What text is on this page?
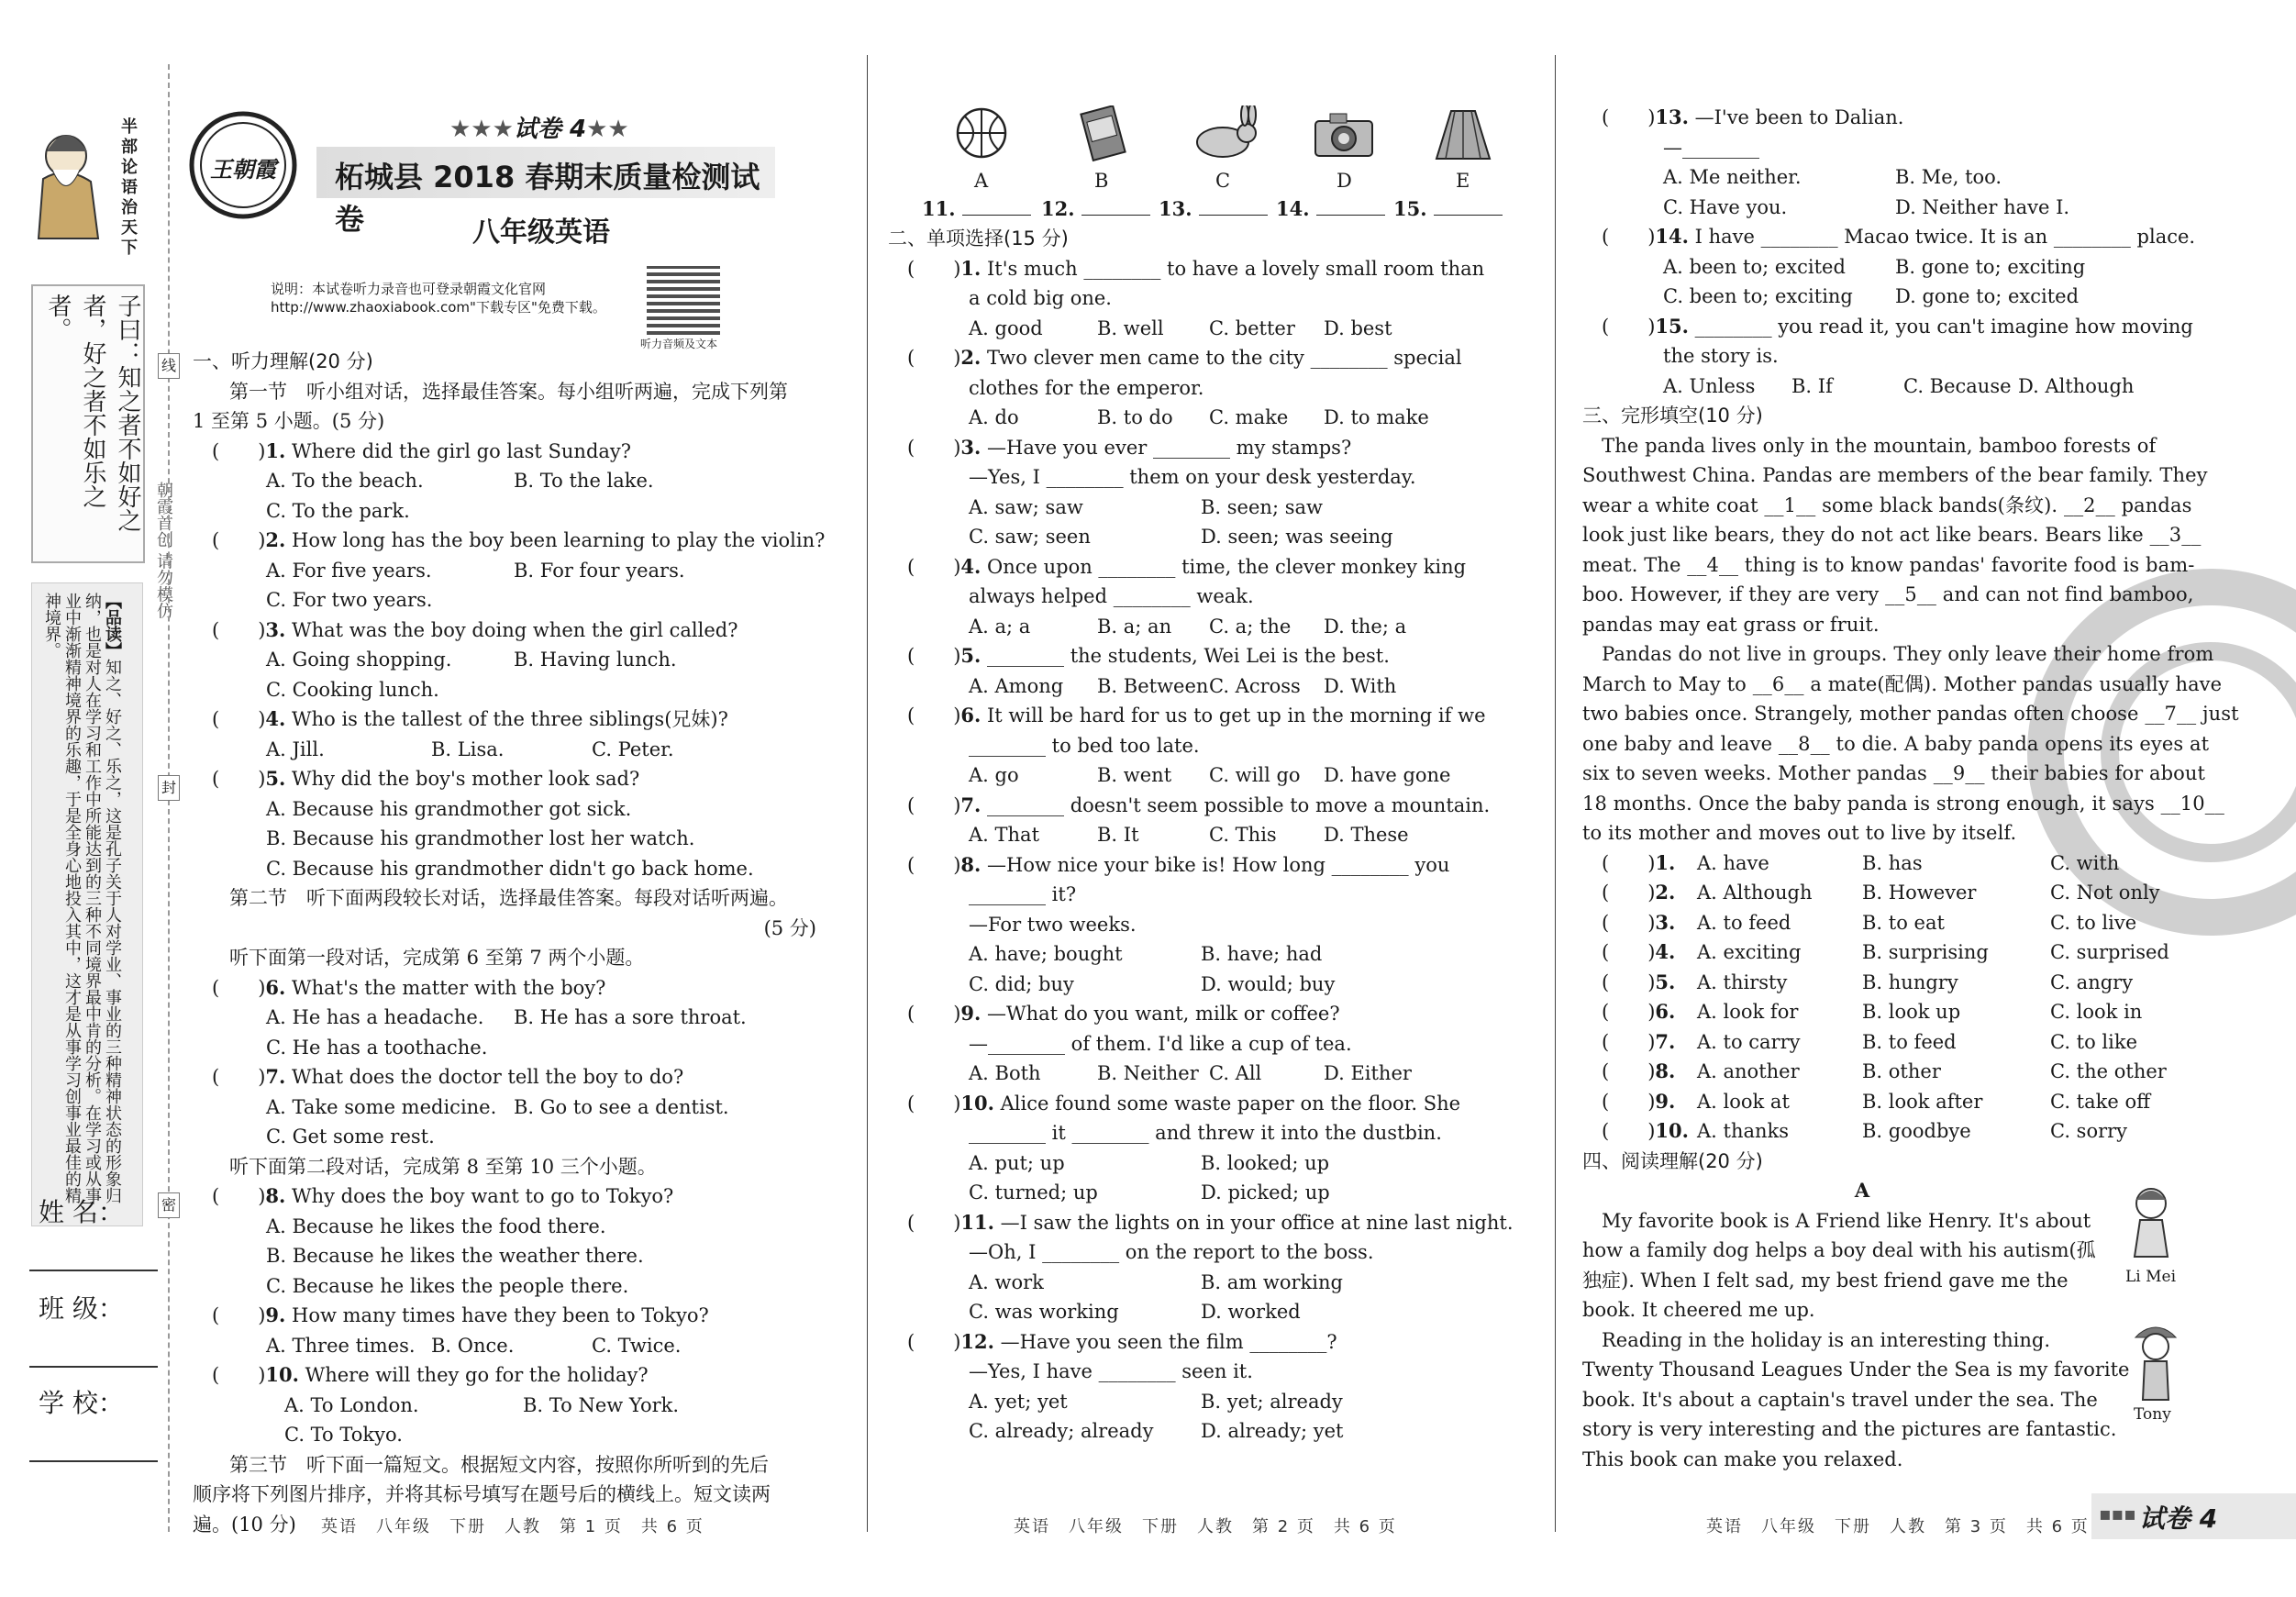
半部论语治天下
子曰：知之者不如好之者，好之者不如乐之者。
【品读】知之、好之、乐之，这是孔子关于人对学业、事业的三种精神状态的形象归纳，也是对人在学习和工作中所能达到的三种不同境界最中肯的分析。在学习或从事业中渐渐精神境界的乐趣，于是全身心地投入其中，这才是从事学习创事业最佳的精神境界。
朝霞首创 请勿模仿
线
封
密
姓 名：
班 级：
学 校：
王朝霞
★★★试卷 4★★
柘城县 2018 春期末质量检测试卷	八年级英语
说明：本试卷听力录音也可登录朝霞文化官网 http://www.zhaoxiabook.com"下载专区"免费下载。
听力音频及文本

一、听力理解(20 分)

第一节　听小组对话，选择最佳答案。每小组听两遍，完成下列第

1 至第 5 小题。(5 分)

　(　　)1. Where did the girl go last Sunday?

A. To the beach.	B. To the lake.

C. To the park.

　(　　)2. How long has the boy been learning to play the violin?

A. For five years.	B. For four years.

C. For two years.

　(　　)3. What was the boy doing when the girl called?

A. Going shopping.	B. Having lunch.

C. Cooking lunch.

　(　　)4. Who is the tallest of the three siblings(兄妹)?

A. Jill.	B. Lisa.	C. Peter.

　(　　)5. Why did the boy's mother look sad?

A. Because his grandmother got sick.

B. Because his grandmother lost her watch.

C. Because his grandmother didn't go back home.

第二节　听下面两段较长对话，选择最佳答案。每段对话听两遍。

(5 分)

听下面第一段对话，完成第 6 至第 7 两个小题。

　(　　)6. What's the matter with the boy?

A. He has a headache.	B. He has a sore throat.

C. He has a toothache.

　(　　)7. What does the doctor tell the boy to do?

A. Take some medicine. B. Go to see a dentist.

C. Get some rest.

听下面第二段对话，完成第 8 至第 10 三个小题。

　(　　)8. Why does the boy want to go to Tokyo?

A. Because he likes the food there.

B. Because he likes the weather there.

C. Because he likes the people there.

　(　　)9. How many times have they been to Tokyo?

A. Three times. B. Once.	C. Twice.

　(　　)10. Where will they go for the holiday?

A. To London.	B. To New York.

C. To Tokyo.

第三节　听下面一篇短文。根据短文内容，按照你所听到的先后

顺序将下列图片排序，并将其标号填写在题号后的横线上。短文读两

遍。(10 分)	英语　八年级　下册　人教　第 1 页　共 6 页
A	B	C	D	E
11.	12.	13.	14.	15.

二、单项选择(15 分)

　(　　)1. It's much ________ to have a lovely small room than

a cold big one.

A. good	B. well	C. better	D. best

　(　　)2. Two clever men came to the city ________ special

clothes for the emperor.

A. do	B. to do	C. make	D. to make

　(　　)3. —Have you ever ________ my stamps?

—Yes, I ________ them on your desk yesterday.

A. saw; saw	B. seen; saw

C. saw; seen	D. seen; was seeing

　(　　)4. Once upon ________ time, the clever monkey king

always helped ________ weak.

A. a; a	B. a; an	C. a; the	D. the; a

　(　　)5. ________ the students, Wei Lei is the best.

A. Among	B. Between C. Across	D. With

　(　　)6. It will be hard for us to get up in the morning if we

________ to bed too late.

A. go	B. went	C. will go	D. have gone

　(　　)7. ________ doesn't seem possible to move a mountain.

A. That	B. It	C. This	D. These

　(　　)8. —How nice your bike is! How long ________ you

________ it?

—For two weeks.

A. have; bought	B. have; had

C. did; buy	D. would; buy

　(　　)9. —What do you want, milk or coffee?

—________ of them. I'd like a cup of tea.

A. Both	B. Neither C. All	D. Either

　(　　)10. Alice found some waste paper on the floor. She

________ it ________ and threw it into the dustbin.

A. put; up	B. looked; up

C. turned; up	D. picked; up

　(　　)11. —I saw the lights on in your office at nine last night.

—Oh, I ________ on the report to the boss.

A. work	B. am working

C. was working	D. worked

　(　　)12. —Have you seen the film ________?

—Yes, I have ________ seen it.

A. yet; yet	B. yet; already

C. already; already	D. already; yet

英语　八年级　下册　人教　第 2 页　共 6 页

　(　　)13. —I've been to Dalian.

—________

A. Me neither.	B. Me, too.

C. Have you.	D. Neither have I.

　(　　)14. I have ________ Macao twice. It is an ________ place.

A. been to; excited	B. gone to; exciting

C. been to; exciting	D. gone to; excited

　(　　)15. ________ you read it, you can't imagine how moving

the story is.

A. Unless	B. If	C. Because D. Although

三、完形填空(10 分)

　The panda lives only in the mountain, bamboo forests of

Southwest China. Pandas are members of the bear family. They

wear a white coat __1__ some black bands(条纹). __2__ pandas

look just like bears, they do not act like bears. Bears like __3__

meat. The __4__ thing is to know pandas' favorite food is bam-

boo. However, if they are very __5__ and can not find bamboo,

pandas may eat grass or fruit.

　Pandas do not live in groups. They only leave their home from

March to May to __6__ a mate(配偶). Mother pandas usually have

two babies once. Strangely, mother pandas often choose __7__ just

one baby and leave __8__ to die. A baby panda opens its eyes at

six to seven weeks. Mother pandas __9__ their babies for about

18 months. Once the baby panda is strong enough, it says __10__

to its mother and moves out to live by itself.

　(　　)1.	A. have	B. has	C. with

　(　　)2.	A. Although	B. However	C. Not only

　(　　)3.	A. to feed	B. to eat	C. to live

　(　　)4.	A. exciting	B. surprising	C. surprised

　(　　)5.	A. thirsty	B. hungry	C. angry

　(　　)6.	A. look for	B. look up	C. look in

　(　　)7.	A. to carry	B. to feed	C. to like

　(　　)8.	A. another	B. other	C. the other

　(　　)9.	A. look at	B. look after	C. take off

　(　　)10. A. thanks	B. goodbye	C. sorry

四、阅读理解(20 分)

A

　My favorite book is A Friend like Henry. It's about

how a family dog helps a boy deal with his autism(孤

独症). When I felt sad, my best friend gave me the

book. It cheered me up.

　Reading in the holiday is an interesting thing.

Twenty Thousand Leagues Under the Sea is my favorite

book. It's about a captain's travel under the sea. The

story is very interesting and the pictures are fantastic.

This book can make you relaxed.

Li Mei
Tony
英语　八年级　下册　人教　第 3 页　共 6 页
▪▪▪ 试卷 4
